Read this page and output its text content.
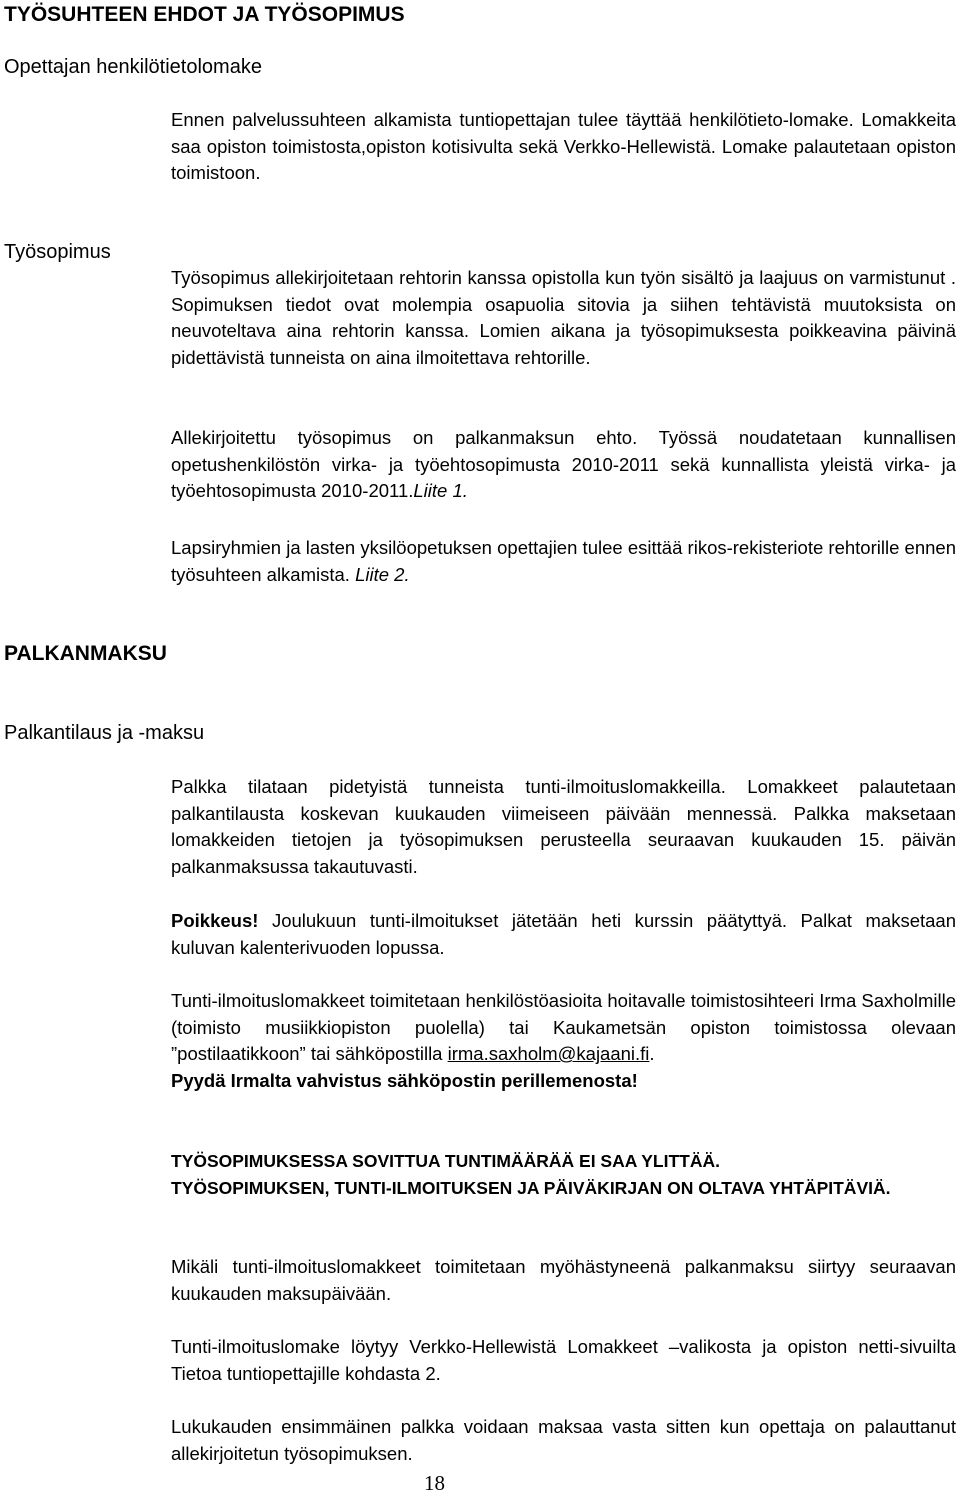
TYÖSUHTEEN EHDOT JA TYÖSOPIMUS
Opettajan henkilötietolomake

Ennen palvelussuhteen alkamista tuntiopettajan tulee täyttää henkilötieto-lomake. Lomakkeita saa opiston toimistosta,opiston kotisivulta sekä Verkko-Hellewistä. Lomake palautetaan opiston toimistoon.

Työsopimus

Työsopimus allekirjoitetaan rehtorin kanssa opistolla kun työn sisältö ja laajuus on varmistunut . Sopimuksen tiedot ovat molempia osapuolia sitovia ja siihen tehtävistä muutoksista on neuvoteltava aina rehtorin kanssa. Lomien aikana ja työsopimuksesta poikkeavina päivinä pidettävistä tunneista on aina ilmoitettava rehtorille.

Allekirjoitettu työsopimus on palkanmaksun ehto. Työssä noudatetaan kunnallisen opetushenkilöstön virka- ja työehtosopimusta 2010-2011 sekä kunnallista yleistä virka- ja työehtosopimusta 2010-2011.Liite 1.

Lapsiryhmien ja lasten yksilöopetuksen opettajien tulee esittää rikos-rekisteriote rehtorille ennen työsuhteen alkamista. Liite 2.

PALKANMAKSU
Palkantilaus ja -maksu

Palkka tilataan pidetyistä tunneista tunti-ilmoituslomakkeilla. Lomakkeet palautetaan palkantilausta koskevan kuukauden viimeiseen päivään mennessä. Palkka maksetaan lomakkeiden tietojen ja työsopimuksen perusteella seuraavan kuukauden 15. päivän palkanmaksussa takautuvasti.

Poikkeus! Joulukuun tunti-ilmoitukset jätetään heti kurssin päätyttyä. Palkat maksetaan kuluvan kalenterivuoden lopussa.

Tunti-ilmoituslomakkeet toimitetaan henkilöstöasioita hoitavalle toimistosihteeri Irma Saxholmille (toimisto musiikkiopiston puolella) tai Kaukametsän opiston toimistossa olevaan ”postilaatikkoon” tai sähköpostilla irma.saxholm@kajaani.fi.
Pyydä Irmalta vahvistus sähköpostin perillemenosta!

TYÖSOPIMUKSESSA SOVITTUA TUNTIMÄÄRÄÄ EI SAA YLITTÄÄ.

TYÖSOPIMUKSEN, TUNTI-ILMOITUKSEN JA PÄIVÄKIRJAN ON OLTAVA YHTÄPITÄVIÄ.

Mikäli tunti-ilmoituslomakkeet toimitetaan myöhästyneenä palkanmaksu siirtyy seuraavan kuukauden maksupäivään.

Tunti-ilmoituslomake löytyy Verkko-Hellewistä Lomakkeet –valikosta ja opiston netti-sivuilta Tietoa tuntiopettajille kohdasta 2.

Lukukauden ensimmäinen palkka voidaan maksaa vasta sitten kun opettaja on palauttanut allekirjoitetun työsopimuksen.

18
